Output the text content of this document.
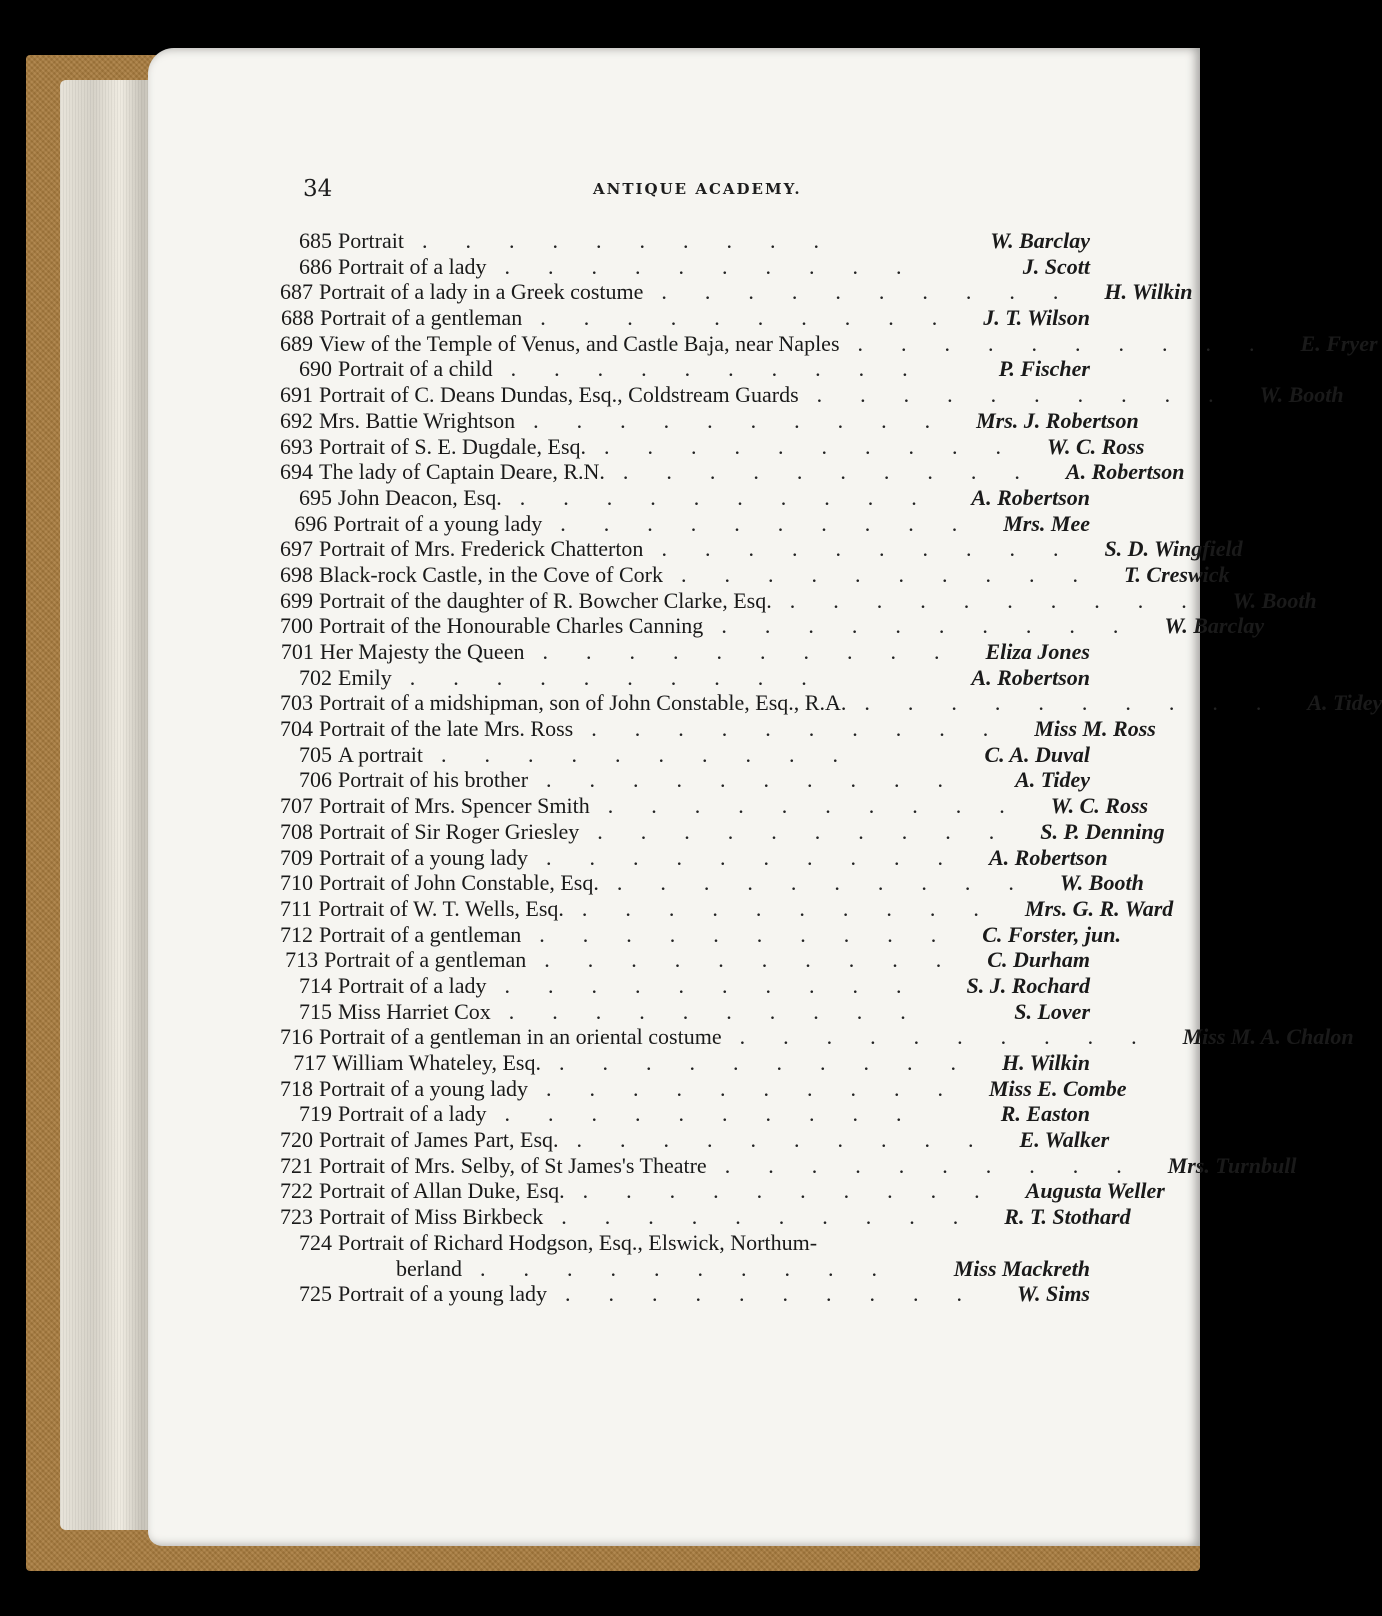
34	ANTIQUE ACADEMY.
685 Portrait ..........	W. Barclay
686 Portrait of a lady ..........	J. Scott
687 Portrait of a lady in a Greek costume .......... H. Wilkin
688 Portrait of a gentleman .......... J. T. Wilson
689 View of the Temple of Venus, and Castle Baja, near Naples .......... E. Fryer
690 Portrait of a child ..........	P. Fischer
691 Portrait of C. Deans Dundas, Esq., Coldstream Guards .......... W. Booth
692 Mrs. Battie Wrightson .......... Mrs. J. Robertson
693 Portrait of S. E. Dugdale, Esq. .......... W. C. Ross
694 The lady of Captain Deare, R.N. .......... A. Robertson
695 John Deacon, Esq. .......... A. Robertson
696 Portrait of a young lady .......... Mrs. Mee
697 Portrait of Mrs. Frederick Chatterton .......... S. D. Wingfield
698 Black-rock Castle, in the Cove of Cork .......... T. Creswick
699 Portrait of the daughter of R. Bowcher Clarke, Esq. .......... W. Booth
700 Portrait of the Honourable Charles Canning .......... W. Barclay
701 Her Majesty the Queen .......... Eliza Jones
702 Emily ..........	A. Robertson
703 Portrait of a midshipman, son of John Constable, Esq., R.A. .......... A. Tidey
704 Portrait of the late Mrs. Ross .......... Miss M. Ross
705 A portrait ..........	C. A. Duval
706 Portrait of his brother ..........	A. Tidey
707 Portrait of Mrs. Spencer Smith .......... W. C. Ross
708 Portrait of Sir Roger Griesley .......... S. P. Denning
709 Portrait of a young lady .......... A. Robertson
710 Portrait of John Constable, Esq. .......... W. Booth
711 Portrait of W. T. Wells, Esq. .......... Mrs. G. R. Ward
712 Portrait of a gentleman .......... C. Forster, jun.
713 Portrait of a gentleman .......... C. Durham
714 Portrait of a lady ..........	S. J. Rochard
715 Miss Harriet Cox ..........	S. Lover
716 Portrait of a gentleman in an oriental costume .......... Miss M. A. Chalon
717 William Whateley, Esq. .......... H. Wilkin
718 Portrait of a young lady .......... Miss E. Combe
719 Portrait of a lady ..........	R. Easton
720 Portrait of James Part, Esq. .......... E. Walker
721 Portrait of Mrs. Selby, of St James's Theatre .......... Mrs. Turnbull
722 Portrait of Allan Duke, Esq. .......... Augusta Weller
723 Portrait of Miss Birkbeck .......... R. T. Stothard
724 Portrait of Richard Hodgson, Esq., Elswick, Northum-
berland ..........	Miss Mackreth
725 Portrait of a young lady .......... W. Sims
